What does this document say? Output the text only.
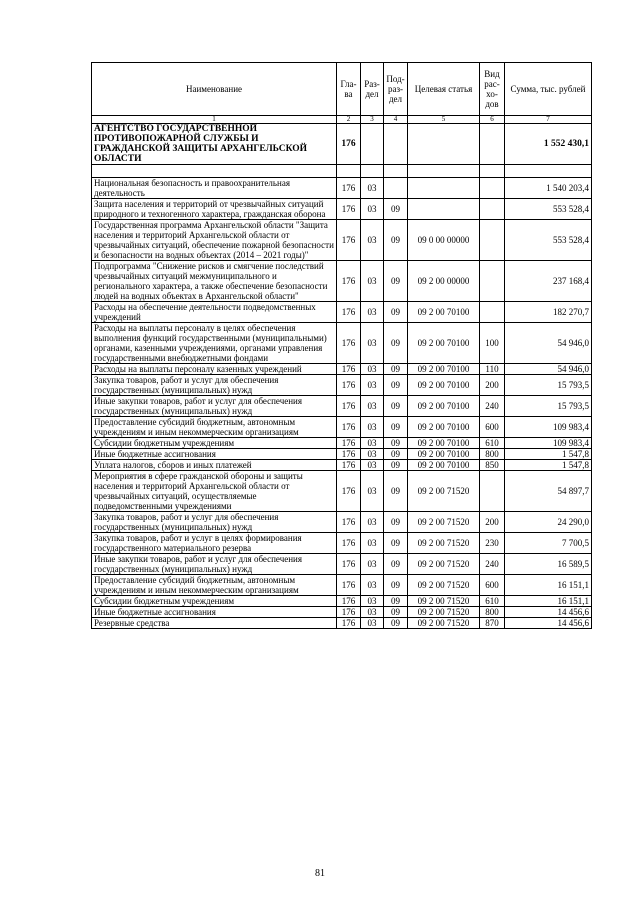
Наименование	Гла-ва	Раз-дел	Под-раз-дел	Целевая статья	Вид рас-хо-дов	Сумма, тыс. рублей
1	2	3	4	5	6	7
АГЕНТСТВО ГОСУДАРСТВЕННОЙ ПРОТИВОПОЖАРНОЙ СЛУЖБЫ И ГРАЖДАНСКОЙ ЗАЩИТЫ АРХАНГЕЛЬСКОЙ ОБЛАСТИ	176					1 552 430,1

Национальная безопасность и правоохранительная деятельность	176	03				1 540 203,4
Защита населения и территорий от чрезвычайных ситуаций природного и техногенного характера, гражданская оборона	176	03	09			553 528,4
Государственная программа Архангельской области "Защита населения и территорий Архангельской области от чрезвычайных ситуаций, обеспечение пожарной безопасности и безопасности на водных объектах (2014 – 2021 годы)"	176	03	09	09 0 00 00000		553 528,4
Подпрограмма "Снижение рисков и смягчение последствий чрезвычайных ситуаций межмуниципального и регионального характера, а также обеспечение безопасности людей на водных объектах в Архангельской области"	176	03	09	09 2 00 00000		237 168,4
Расходы на обеспечение деятельности подведомственных учреждений	176	03	09	09 2 00 70100		182 270,7
Расходы на выплаты персоналу в целях обеспечения выполнения функций государственными (муниципальными) органами, казенными учреждениями, органами управления государственными внебюджетными фондами	176	03	09	09 2 00 70100	100	54 946,0
Расходы на выплаты персоналу казенных учреждений	176	03	09	09 2 00 70100	110	54 946,0
Закупка товаров, работ и услуг для обеспечения государственных (муниципальных) нужд	176	03	09	09 2 00 70100	200	15 793,5
Иные закупки товаров, работ и услуг для обеспечения государственных (муниципальных) нужд	176	03	09	09 2 00 70100	240	15 793,5
Предоставление субсидий бюджетным, автономным учреждениям и иным некоммерческим организациям	176	03	09	09 2 00 70100	600	109 983,4
Субсидии бюджетным учреждениям	176	03	09	09 2 00 70100	610	109 983,4
Иные бюджетные ассигнования	176	03	09	09 2 00 70100	800	1 547,8
Уплата налогов, сборов и иных платежей	176	03	09	09 2 00 70100	850	1 547,8
Мероприятия в сфере гражданской обороны и защиты населения и территорий Архангельской области от чрезвычайных ситуаций, осуществляемые подведомственными учреждениями	176	03	09	09 2 00 71520		54 897,7
Закупка товаров, работ и услуг для обеспечения государственных (муниципальных) нужд	176	03	09	09 2 00 71520	200	24 290,0
Закупка товаров, работ и услуг в целях формирования государственного материального резерва	176	03	09	09 2 00 71520	230	7 700,5
Иные закупки товаров, работ и услуг для обеспечения государственных (муниципальных) нужд	176	03	09	09 2 00 71520	240	16 589,5
Предоставление субсидий бюджетным, автономным учреждениям и иным некоммерческим организациям	176	03	09	09 2 00 71520	600	16 151,1
Субсидии бюджетным учреждениям	176	03	09	09 2 00 71520	610	16 151,1
Иные бюджетные ассигнования	176	03	09	09 2 00 71520	800	14 456,6
Резервные средства	176	03	09	09 2 00 71520	870	14 456,6
81
